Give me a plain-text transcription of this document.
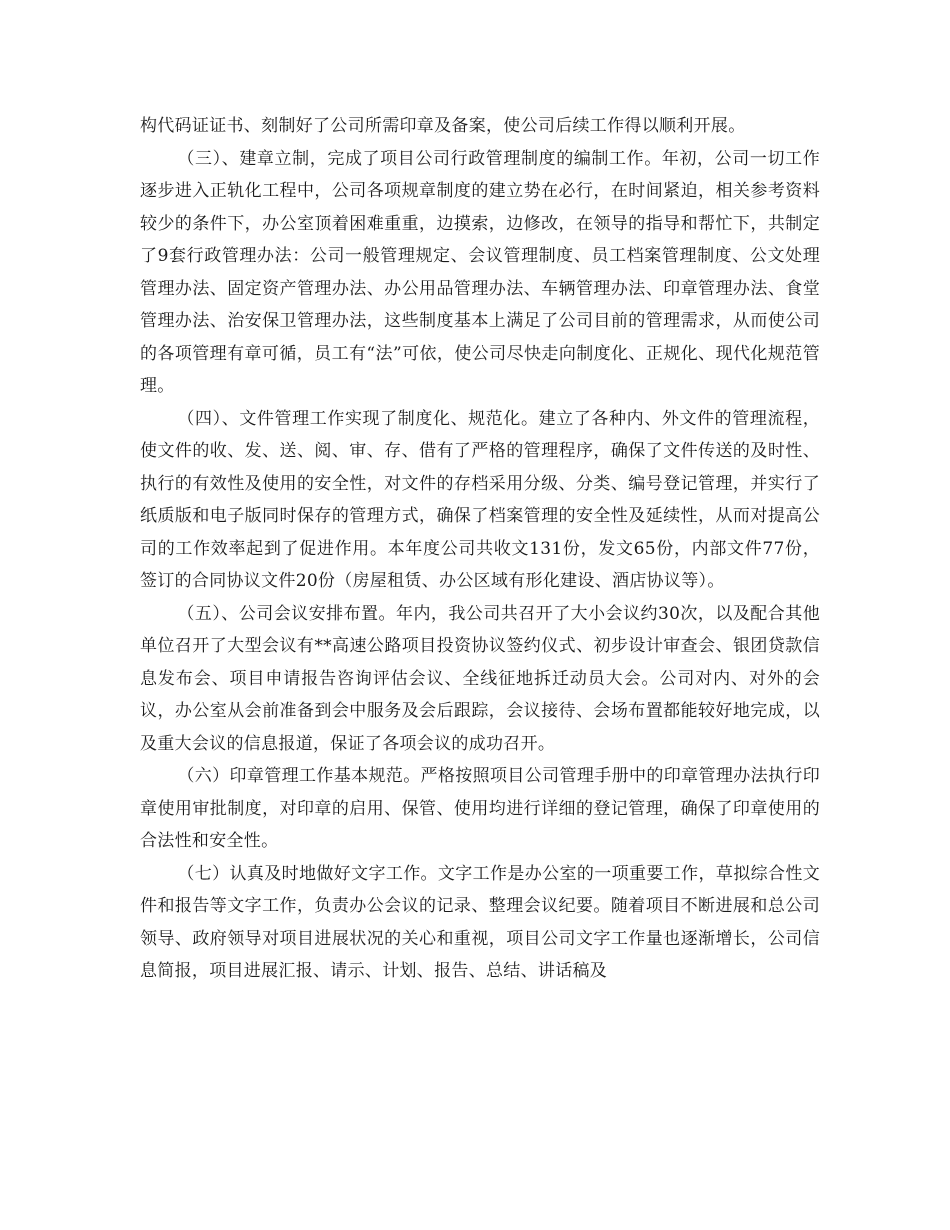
构代码证证书、刻制好了公司所需印章及备案，使公司后续工作得以顺利开展。

（三）、建章立制，完成了项目公司行政管理制度的编制工作。年初，公司一切工作逐步进入正轨化工程中，公司各项规章制度的建立势在必行，在时间紧迫，相关参考资料较少的条件下，办公室顶着困难重重，边摸索，边修改，在领导的指导和帮忙下，共制定了9套行政管理办法：公司一般管理规定、会议管理制度、员工档案管理制度、公文处理管理办法、固定资产管理办法、办公用品管理办法、车辆管理办法、印章管理办法、食堂管理办法、治安保卫管理办法，这些制度基本上满足了公司目前的管理需求，从而使公司的各项管理有章可循，员工有“法”可依，使公司尽快走向制度化、正规化、现代化规范管理。

（四）、文件管理工作实现了制度化、规范化。建立了各种内、外文件的管理流程，使文件的收、发、送、阅、审、存、借有了严格的管理程序，确保了文件传送的及时性、执行的有效性及使用的安全性，对文件的存档采用分级、分类、编号登记管理，并实行了纸质版和电子版同时保存的管理方式，确保了档案管理的安全性及延续性，从而对提高公司的工作效率起到了促进作用。本年度公司共收文131份，发文65份，内部文件77份，签订的合同协议文件20份（房屋租赁、办公区域有形化建设、酒店协议等）。

（五）、公司会议安排布置。年内，我公司共召开了大小会议约30次，以及配合其他单位召开了大型会议有**高速公路项目投资协议签约仪式、初步设计审查会、银团贷款信息发布会、项目申请报告咨询评估会议、全线征地拆迁动员大会。公司对内、对外的会议，办公室从会前准备到会中服务及会后跟踪，会议接待、会场布置都能较好地完成，以及重大会议的信息报道，保证了各项会议的成功召开。

（六）印章管理工作基本规范。严格按照项目公司管理手册中的印章管理办法执行印章使用审批制度，对印章的启用、保管、使用均进行详细的登记管理，确保了印章使用的合法性和安全性。

（七）认真及时地做好文字工作。文字工作是办公室的一项重要工作，草拟综合性文件和报告等文字工作，负责办公会议的记录、整理会议纪要。随着项目不断进展和总公司领导、政府领导对项目进展状况的关心和重视，项目公司文字工作量也逐渐增长，公司信息简报，项目进展汇报、请示、计划、报告、总结、讲话稿及
